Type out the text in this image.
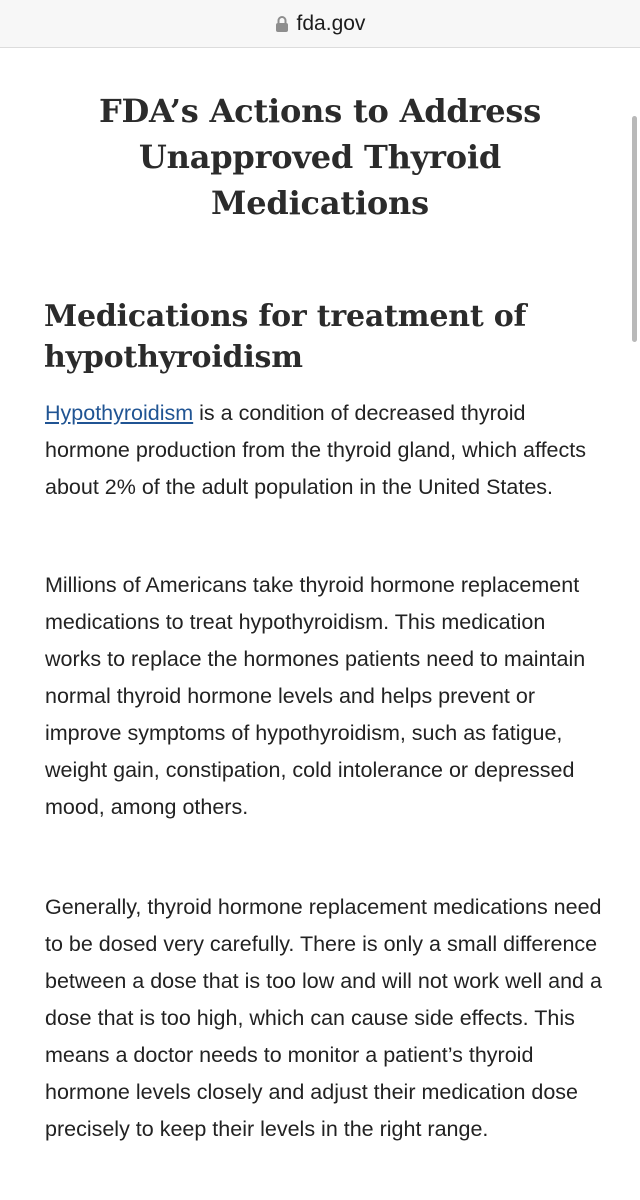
fda.gov
FDA’s Actions to Address Unapproved Thyroid Medications
Medications for treatment of hypothyroidism

Hypothyroidism is a condition of decreased thyroid hormone production from the thyroid gland, which affects about 2% of the adult population in the United States.

Millions of Americans take thyroid hormone replacement medications to treat hypothyroidism. This medication works to replace the hormones patients need to maintain normal thyroid hormone levels and helps prevent or improve symptoms of hypothyroidism, such as fatigue, weight gain, constipation, cold intolerance or depressed mood, among others.

Generally, thyroid hormone replacement medications need to be dosed very carefully. There is only a small difference between a dose that is too low and will not work well and a dose that is too high, which can cause side effects. This means a doctor needs to monitor a patient’s thyroid hormone levels closely and adjust their medication dose precisely to keep their levels in the right range.
